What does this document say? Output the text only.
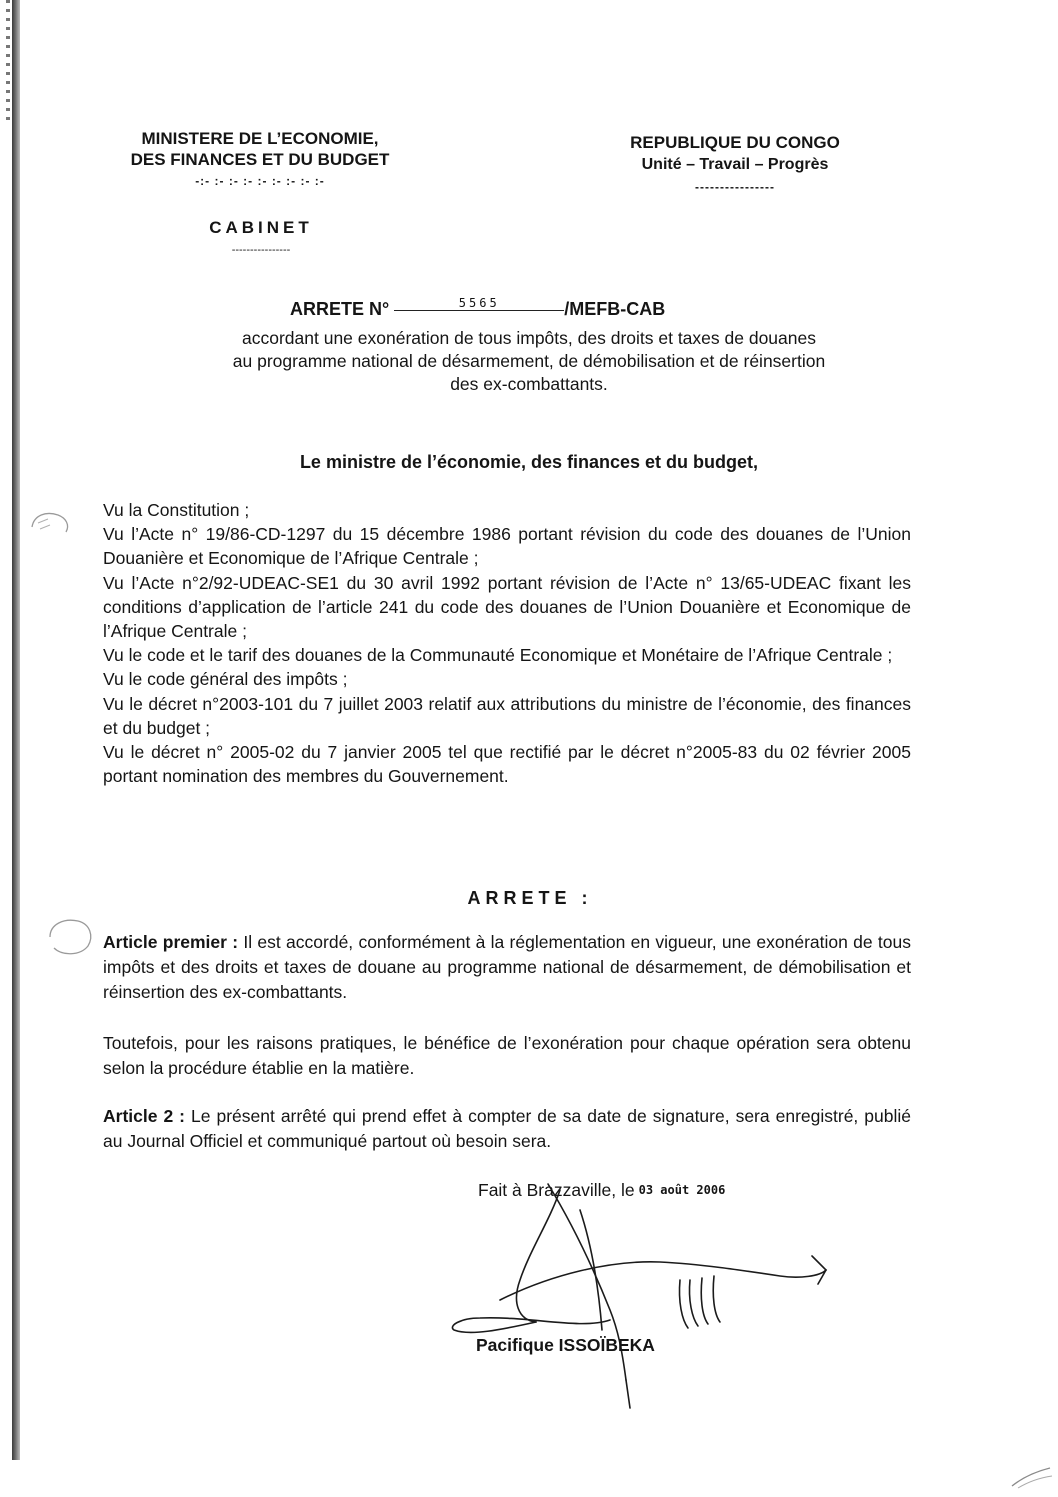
MINISTERE DE L’ECONOMIE,
DES FINANCES ET DU BUDGET
-:- :- :- :- :- :- :- :- :-
REPUBLIQUE DU CONGO
Unité – Travail – Progrès
----------------
CABINET
----------------
ARRETE N°	5565	/MEFB-CAB
accordant une exonération de tous impôts, des droits et taxes de douanes
au programme national de désarmement, de démobilisation et de réinsertion
des ex-combattants.
Le ministre de l’économie, des finances et du budget,

Vu la Constitution ;

Vu l’Acte n° 19/86-CD-1297 du 15 décembre 1986 portant révision du code des douanes de l’Union Douanière et Economique de l’Afrique Centrale ;

Vu l’Acte n°2/92-UDEAC-SE1 du 30 avril 1992 portant révision de l’Acte n° 13/65-UDEAC fixant les conditions d’application de l’article 241 du code des douanes de l’Union Douanière et Economique de l’Afrique Centrale ;

Vu le code et le tarif des douanes de la Communauté Economique et Monétaire de l’Afrique Centrale ;

Vu le code général des impôts ;

Vu le décret n°2003-101 du 7 juillet 2003 relatif aux attributions du ministre de l’économie, des finances et du budget ;

Vu le décret n° 2005-02 du 7 janvier 2005 tel que rectifié par le décret n°2005-83 du 02 février 2005 portant nomination des membres du Gouvernement.

ARRETE :
Article premier : Il est accordé, conformément à la réglementation en vigueur, une exonération de tous impôts et des droits et taxes de douane au programme national de désarmement, de démobilisation et réinsertion des ex-combattants.
Toutefois, pour les raisons pratiques, le bénéfice de l’exonération pour chaque opération sera obtenu selon la procédure établie en la matière.
Article 2 : Le présent arrêté qui prend effet à compter de sa date de signature, sera enregistré, publié au Journal Officiel et communiqué partout où besoin sera.
Fait à Brazzaville, le 03 août 2006
Pacifique ISSOÏBEKA
